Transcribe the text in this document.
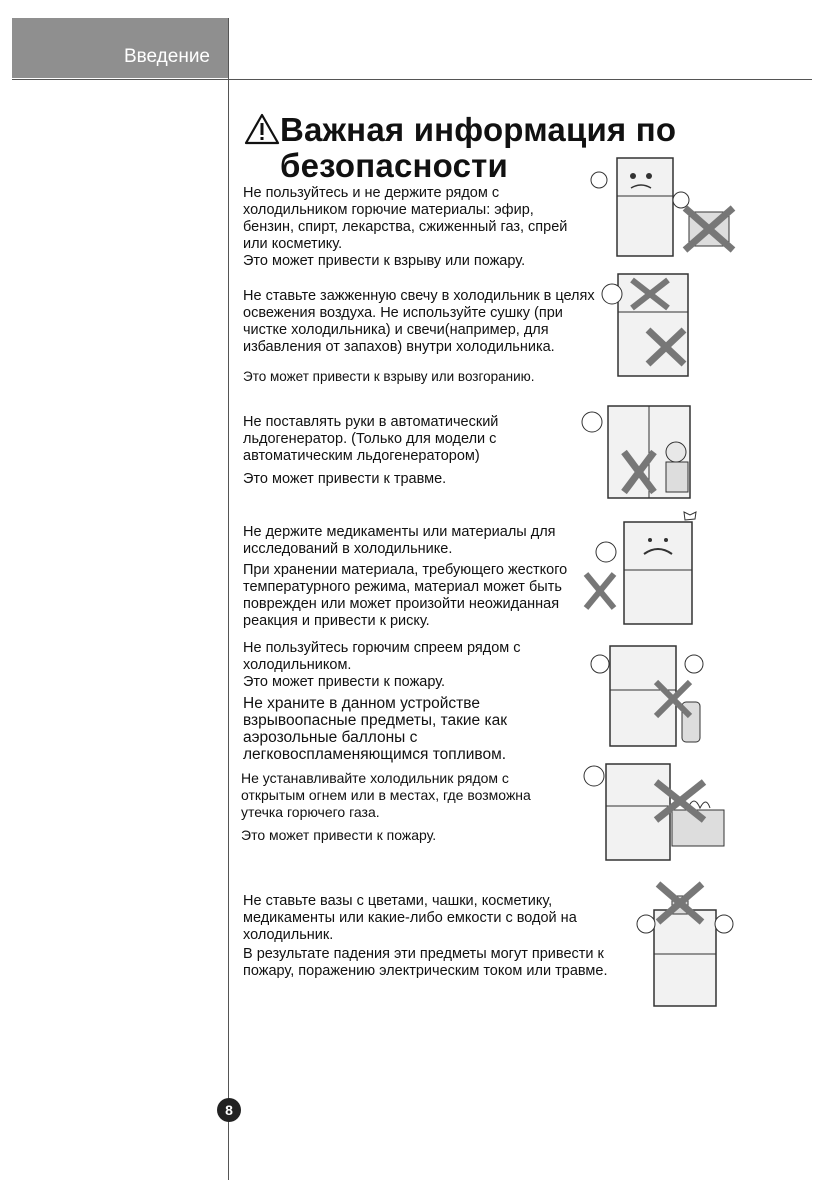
Введение
Важная информация по
безопасности

Не пользуйтесь и не держите рядом с холодильником горючие материалы: эфир, бензин, спирт, лекарства, сжиженный газ, спрей или косметику.

Это может привести к взрыву или пожару.

Не ставьте зажженную свечу в холодильник в целях освежения воздуха. Не используйте сушку (при чистке холодильника) и свечи(например, для избавления от запахов) внутри холодильника.

Это может привести к взрыву или возгоранию.

Не поставлять руки в автоматический льдогенератор. (Только для модели с автоматическим льдогенератором)

Это может привести к травме.

Не держите медикаменты или материалы для исследований в холодильнике.

При хранении материала, требующего жесткого температурного режима, материал может быть поврежден или может произойти неожиданная реакция и привести к риску.

Не пользуйтесь горючим спреем рядом с холодильником.

Это может привести к пожару.

Не храните в данном устройстве взрывоопасные предметы, такие как аэрозольные баллоны с легковоспламеняющимся топливом.

Не устанавливайте холодильник рядом с открытым огнем или в местах, где возможна утечка горючего газа.

Это может привести к пожару.

Не ставьте вазы с цветами, чашки, косметику, медикаменты или какие-либо емкости с водой на холодильник.

В результате падения эти предметы могут привести к пожару, поражению электрическим током или травме.

8
